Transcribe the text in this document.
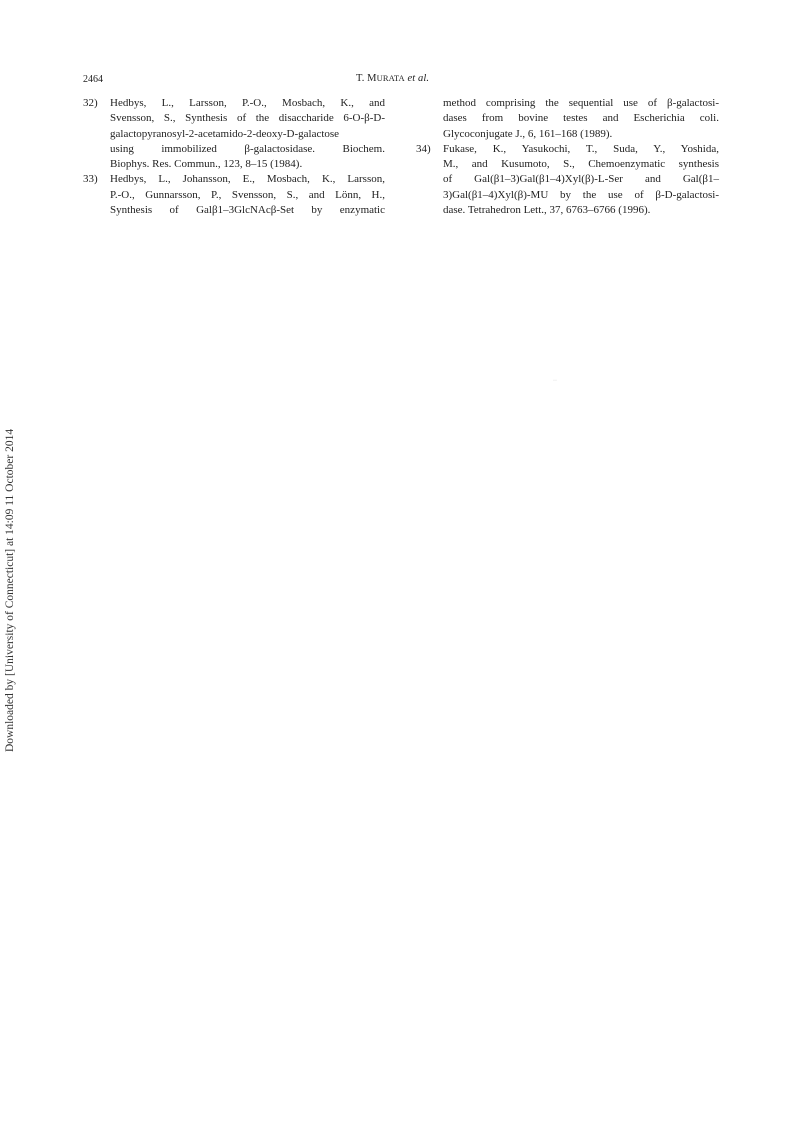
2464	T. MURATA et al.
32) Hedbys, L., Larsson, P.-O., Mosbach, K., and
Svensson, S., Synthesis of the disaccharide 6-O-β-D-
galactopyranosyl-2-acetamido-2-deoxy-D-galactose
using immobilized β-galactosidase. Biochem.
Biophys. Res. Commun., 123, 8–15 (1984).
33) Hedbys, L., Johansson, E., Mosbach, K., Larsson,
P.-O., Gunnarsson, P., Svensson, S., and Lönn, H.,
Synthesis of Galβ1–3GlcNAcβ-Set by enzymatic
method comprising the sequential use of β-galactosi-
dases from bovine testes and Escherichia coli.
Glycoconjugate J., 6, 161–168 (1989).
34) Fukase, K., Yasukochi, T., Suda, Y., Yoshida,
M., and Kusumoto, S., Chemoenzymatic synthesis
of Gal(β1–3)Gal(β1–4)Xyl(β)-L-Ser and Gal(β1–
3)Gal(β1–4)Xyl(β)-MU by the use of β-D-galactosi-
dase. Tetrahedron Lett., 37, 6763–6766 (1996).
Downloaded by [University of Connecticut] at 14:09 11 October 2014
··
